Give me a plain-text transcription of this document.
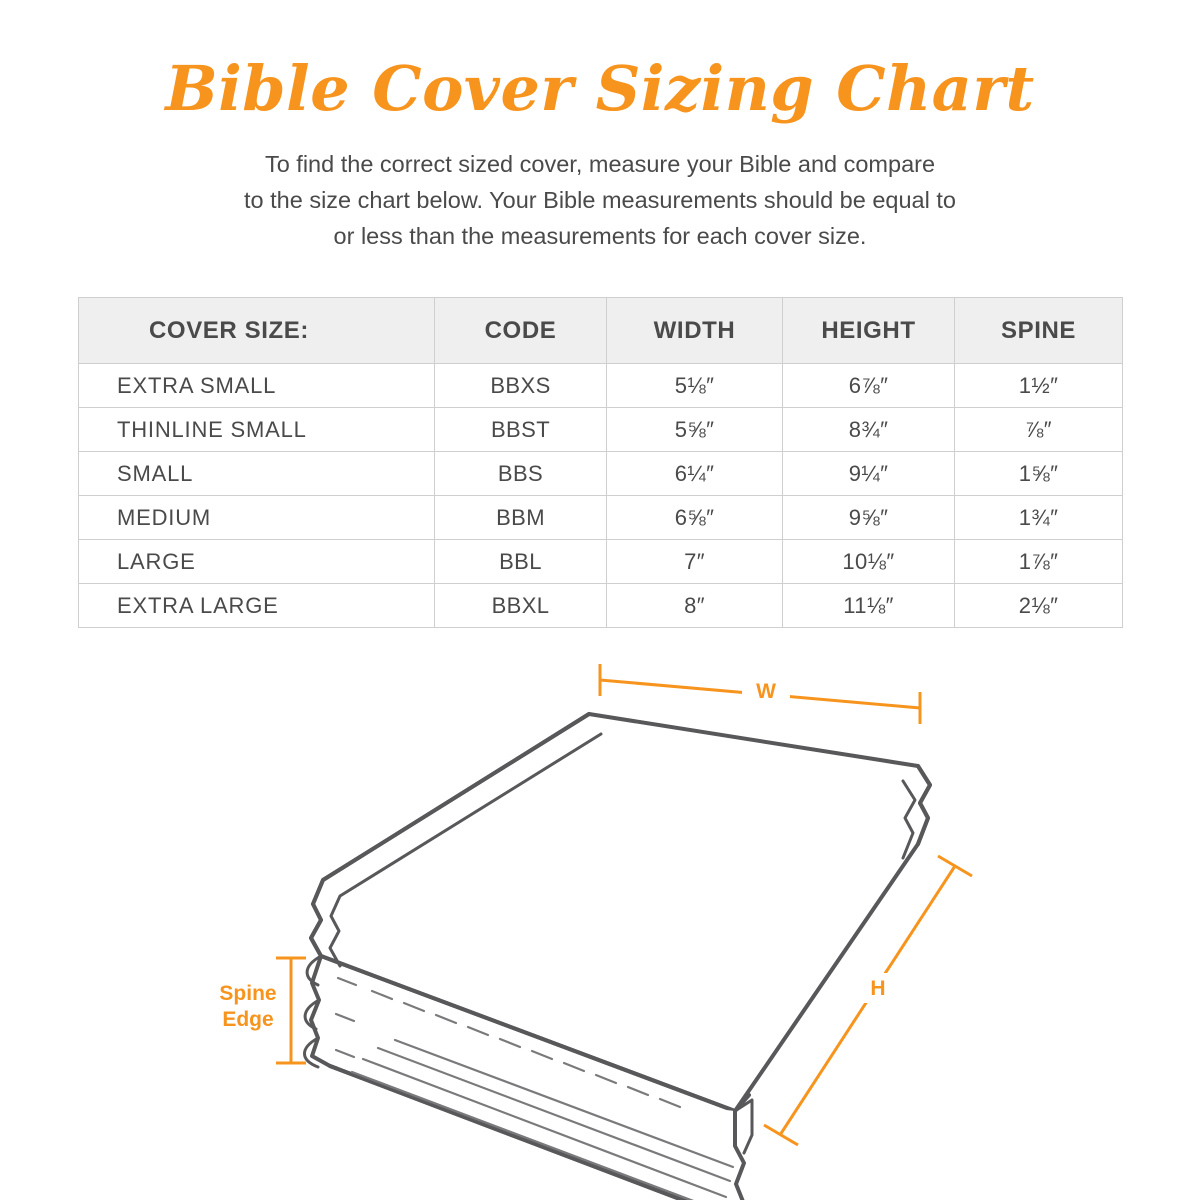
Bible Cover Sizing Chart
To find the correct sized cover, measure your Bible and compare
to the size chart below. Your Bible measurements should be equal to
or less than the measurements for each cover size.
COVER SIZE:	CODE	WIDTH	HEIGHT	SPINE
EXTRA SMALL	BBXS	5⅛″	6⅞″	1½″
THINLINE SMALL	BBST	5⅝″	8¾″	⅞″
SMALL	BBS	6¼″	9¼″	1⅝″
MEDIUM	BBM	6⅝″	9⅝″	1¾″
LARGE	BBL	7″	10⅛″	1⅞″
EXTRA LARGE	BBXL	8″	11⅛″	2⅛″
W
H
Spine
Edge
